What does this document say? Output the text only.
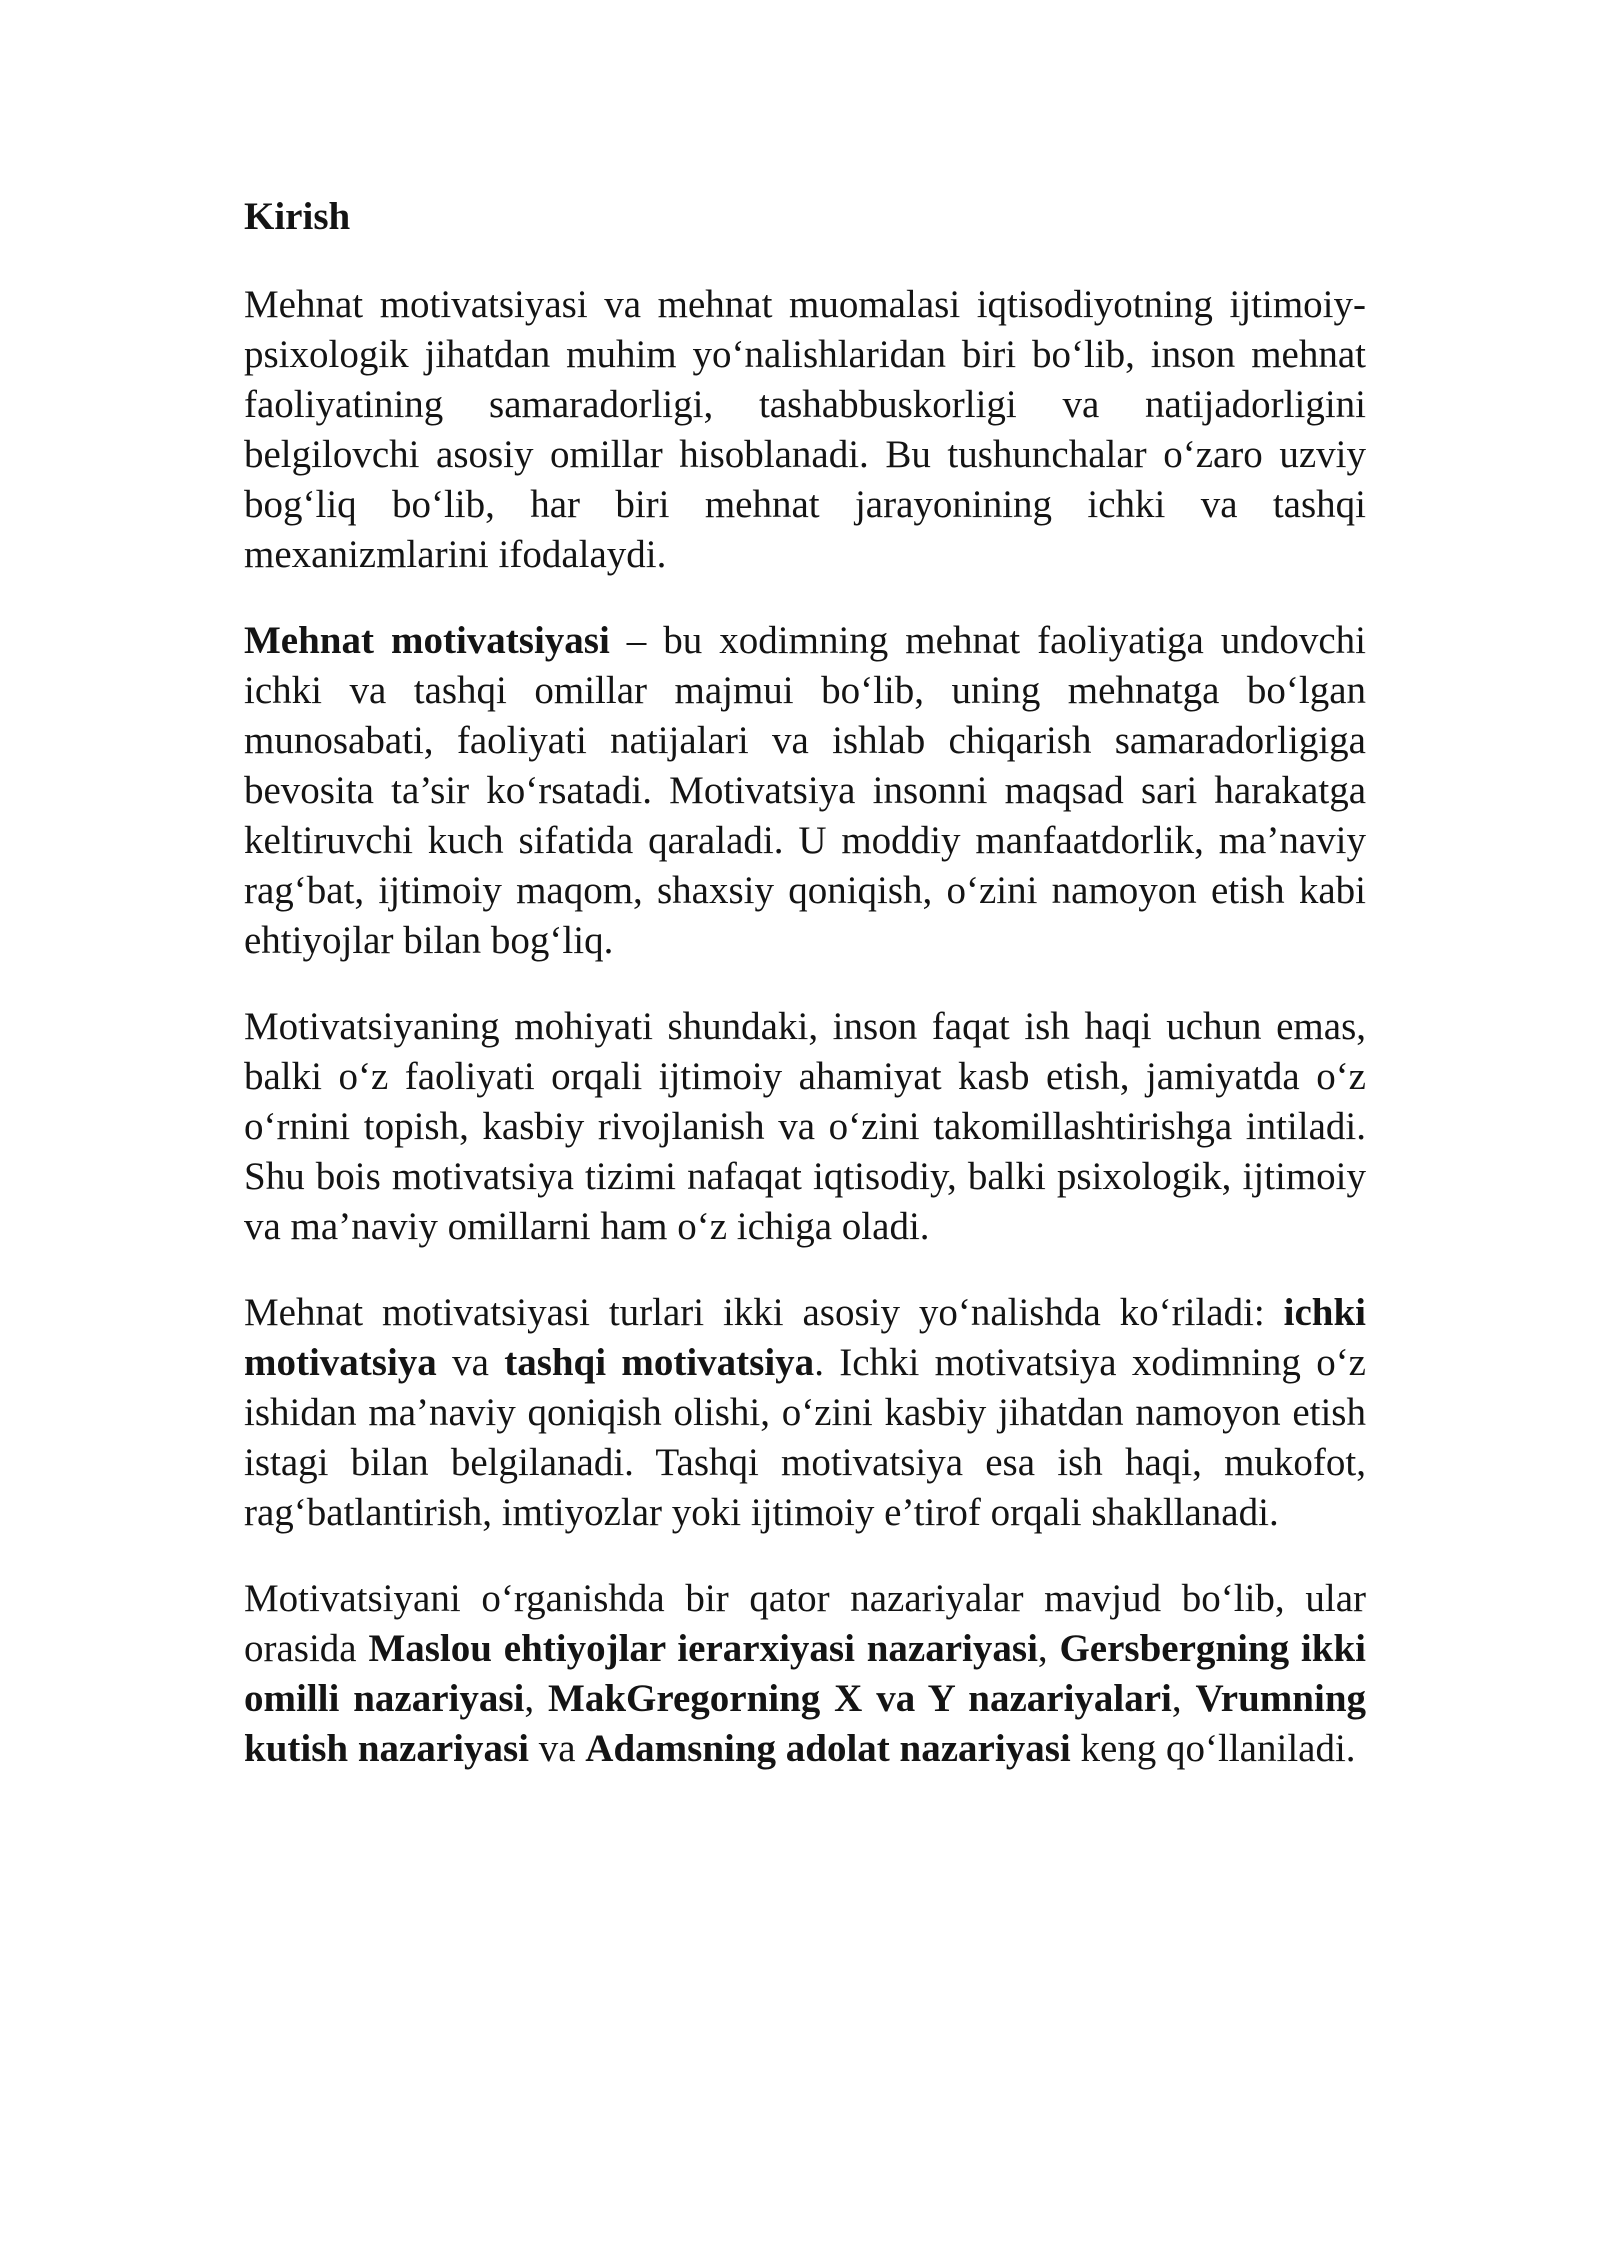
Kirish

Mehnat motivatsiyasi va mehnat muomalasi iqtisodiyotning ijtimoiy-psixologik jihatdan muhim yo‘nalishlaridan biri bo‘lib, inson mehnat faoliyatining samaradorligi, tashabbuskorligi va natijadorligini belgilovchi asosiy omillar hisoblanadi. Bu tushunchalar o‘zaro uzviy bog‘liq bo‘lib, har biri mehnat jarayonining ichki va tashqi mexanizmlarini ifodalaydi.

Mehnat motivatsiyasi – bu xodimning mehnat faoliyatiga undovchi ichki va tashqi omillar majmui bo‘lib, uning mehnatga bo‘lgan munosabati, faoliyati natijalari va ishlab chiqarish samaradorligiga bevosita ta’sir ko‘rsatadi. Motivatsiya insonni maqsad sari harakatga keltiruvchi kuch sifatida qaraladi. U moddiy manfaatdorlik, ma’naviy rag‘bat, ijtimoiy maqom, shaxsiy qoniqish, o‘zini namoyon etish kabi ehtiyojlar bilan bog‘liq.

Motivatsiyaning mohiyati shundaki, inson faqat ish haqi uchun emas, balki o‘z faoliyati orqali ijtimoiy ahamiyat kasb etish, jamiyatda o‘z o‘rnini topish, kasbiy rivojlanish va o‘zini takomillashtirishga intiladi. Shu bois motivatsiya tizimi nafaqat iqtisodiy, balki psixologik, ijtimoiy va ma’naviy omillarni ham o‘z ichiga oladi.

Mehnat motivatsiyasi turlari ikki asosiy yo‘nalishda ko‘riladi: ichki motivatsiya va tashqi motivatsiya. Ichki motivatsiya xodimning o‘z ishidan ma’naviy qoniqish olishi, o‘zini kasbiy jihatdan namoyon etish istagi bilan belgilanadi. Tashqi motivatsiya esa ish haqi, mukofot, rag‘batlantirish, imtiyozlar yoki ijtimoiy e’tirof orqali shakllanadi.

Motivatsiyani o‘rganishda bir qator nazariyalar mavjud bo‘lib, ular orasida Maslou ehtiyojlar ierarxiyasi nazariyasi, Gersbergning ikki omilli nazariyasi, MakGregorning X va Y nazariyalari, Vrumning kutish nazariyasi va Adamsning adolat nazariyasi keng qo‘llaniladi.
